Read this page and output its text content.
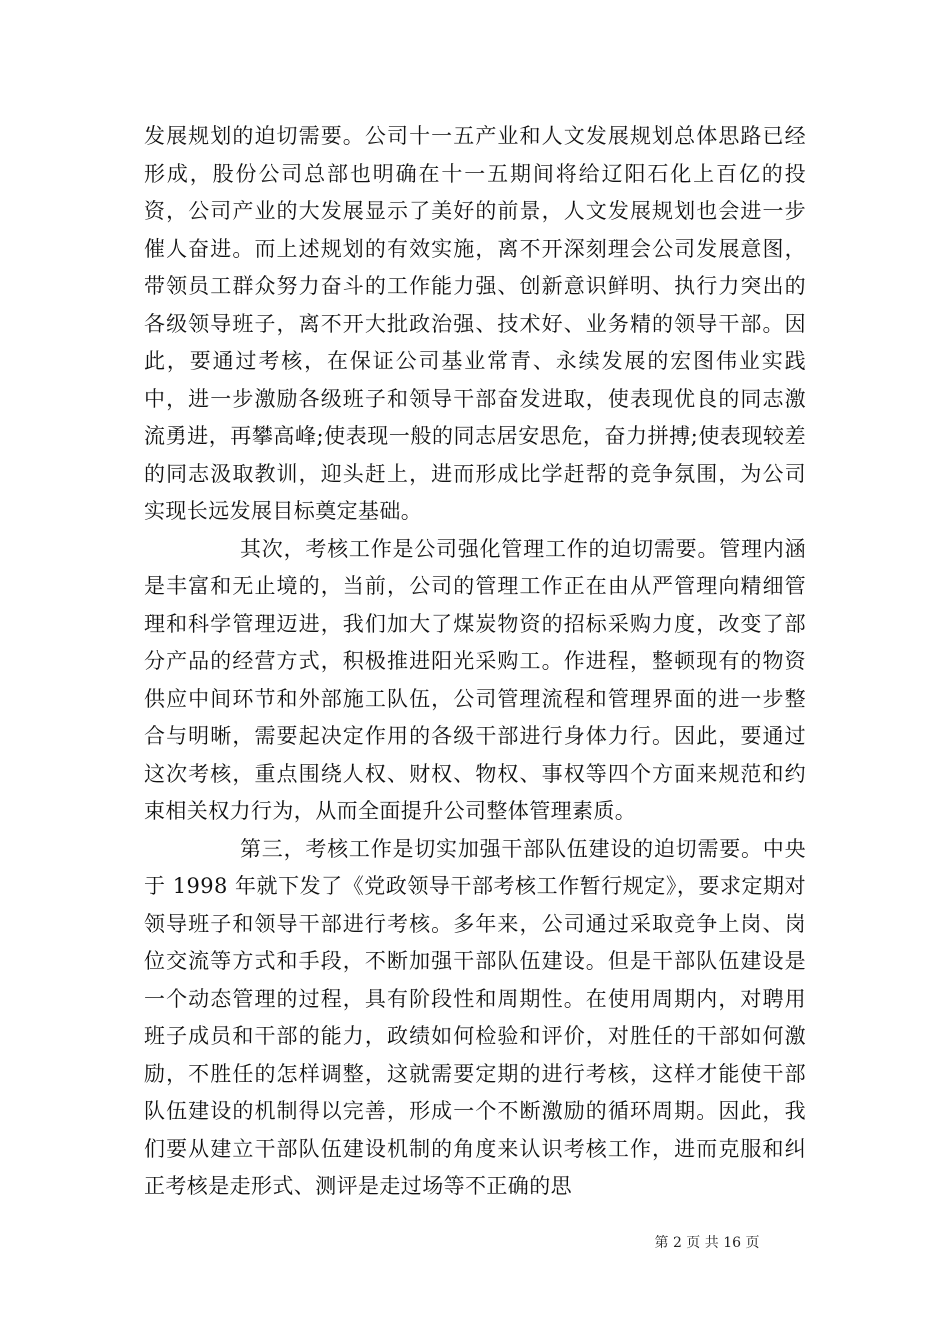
发展规划的迫切需要。公司十一五产业和人文发展规划总体思路已经形成，股份公司总部也明确在十一五期间将给辽阳石化上百亿的投资，公司产业的大发展显示了美好的前景，人文发展规划也会进一步催人奋进。而上述规划的有效实施，离不开深刻理会公司发展意图，带领员工群众努力奋斗的工作能力强、创新意识鲜明、执行力突出的各级领导班子，离不开大批政治强、技术好、业务精的领导干部。因此，要通过考核，在保证公司基业常青、永续发展的宏图伟业实践中，进一步激励各级班子和领导干部奋发进取，使表现优良的同志激流勇进，再攀高峰;使表现一般的同志居安思危，奋力拼搏;使表现较差的同志汲取教训，迎头赶上，进而形成比学赶帮的竞争氛围，为公司实现长远发展目标奠定基础。

其次，考核工作是公司强化管理工作的迫切需要。管理内涵是丰富和无止境的，当前，公司的管理工作正在由从严管理向精细管理和科学管理迈进，我们加大了煤炭物资的招标采购力度，改变了部分产品的经营方式，积极推进阳光采购工。作进程，整顿现有的物资供应中间环节和外部施工队伍，公司管理流程和管理界面的进一步整合与明晰，需要起决定作用的各级干部进行身体力行。因此，要通过这次考核，重点围绕人权、财权、物权、事权等四个方面来规范和约束相关权力行为，从而全面提升公司整体管理素质。

第三，考核工作是切实加强干部队伍建设的迫切需要。中央于 1998 年就下发了《党政领导干部考核工作暂行规定》，要求定期对领导班子和领导干部进行考核。多年来，公司通过采取竞争上岗、岗位交流等方式和手段，不断加强干部队伍建设。但是干部队伍建设是一个动态管理的过程，具有阶段性和周期性。在使用周期内，对聘用班子成员和干部的能力，政绩如何检验和评价，对胜任的干部如何激励，不胜任的怎样调整，这就需要定期的进行考核，这样才能使干部队伍建设的机制得以完善，形成一个不断激励的循环周期。因此，我们要从建立干部队伍建设机制的角度来认识考核工作，进而克服和纠正考核是走形式、测评是走过场等不正确的思

第 2 页 共 16 页
